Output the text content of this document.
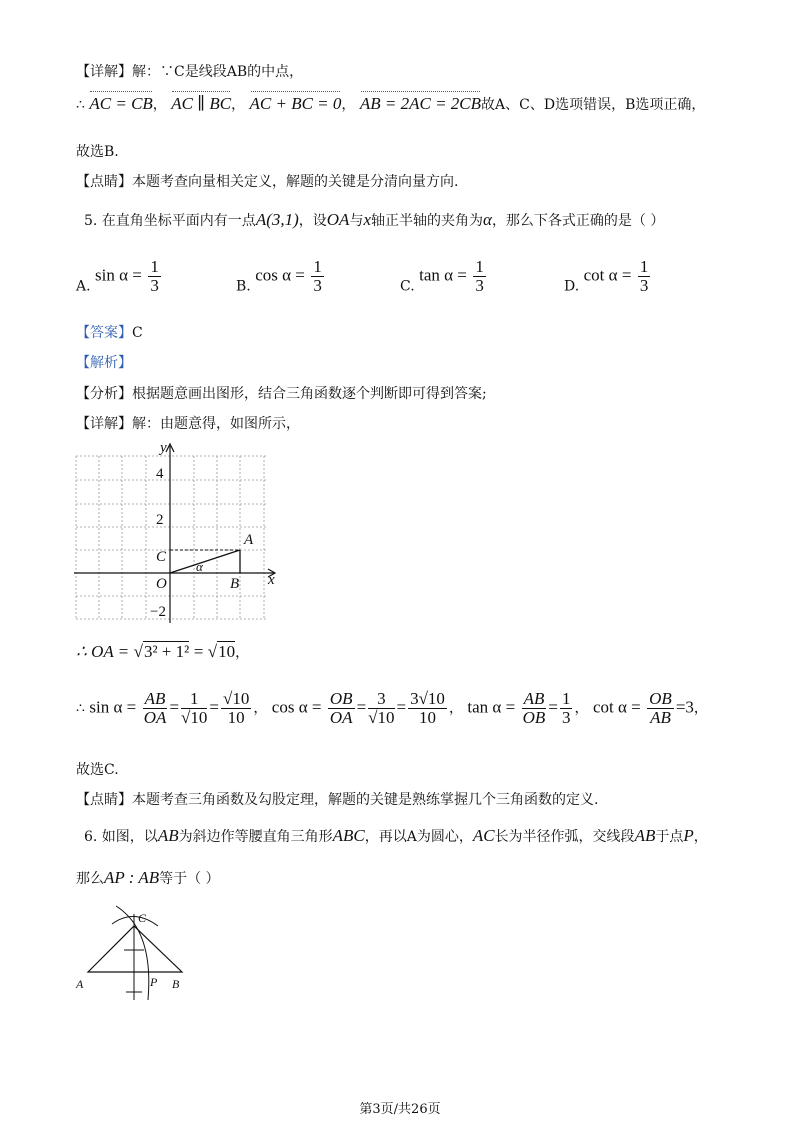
【详解】解：∵C是线段AB的中点，
∴ AC = CB， AC ∥ BC， AC + BC = 0， AB = 2AC = 2CB故A、C、D选项错误，B选项正确，
故选B.
【点睛】本题考查向量相关定义，解题的关键是分清向量方向.
5. 在直角坐标平面内有一点A(3,1)，设OA与x轴正半轴的夹角为α，那么下各式正确的是（ ）
A. $\sin \alpha = \frac{1}{3}$	B. $\cos \alpha = \frac{1}{3}$	C. $\tan \alpha = \frac{1}{3}$	D. $\cot \alpha = \frac{1}{3}$
【答案】C
【解析】
【分析】根据题意画出图形，结合三角函数逐个判断即可得到答案;
【详解】解：由题意得，如图所示，
y
x
A
B
C
O
α
4
2
−2
∴ OA = √3² + 1² = √10，
∴ $\sin \alpha = \frac{AB}{OA} = \frac{1}{√10} = \frac{√10}{10}$ ， $\cos \alpha = \frac{OB}{OA} = \frac{3}{√10} = \frac{3√10}{10}$ ， $\tan \alpha = \frac{AB}{OB} = \frac{1}{3}$ ， $\cot \alpha = \frac{OB}{AB} =3$，
故选C.
【点睛】本题考查三角函数及勾股定理，解题的关键是熟练掌握几个三角函数的定义.
6. 如图，以AB为斜边作等腰直角三角形ABC，再以A为圆心，AC长为半径作弧，交线段AB于点P，
那么AP : AB等于（ ）
A	B
C
P
第3页/共26页
